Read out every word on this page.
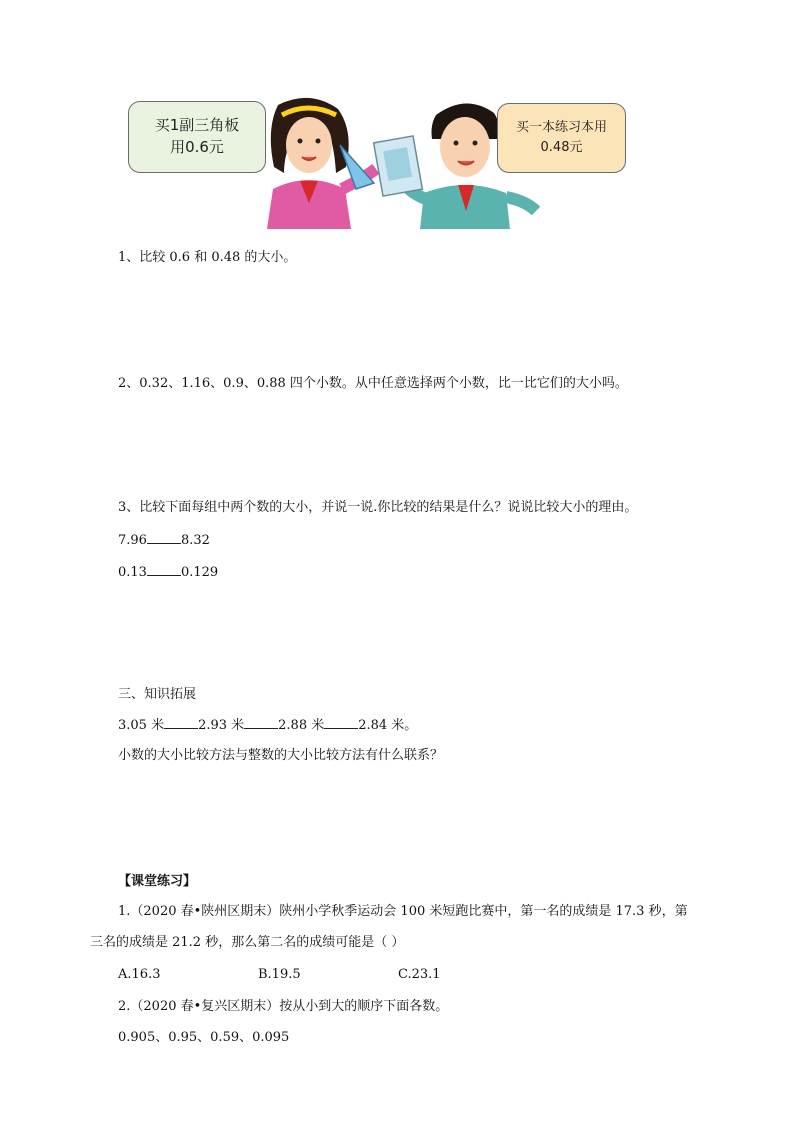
买1副三角板
用0.6元
买一本练习本用
0.48元
1、比较 0.6 和 0.48 的大小。
2、0.32、1.16、0.9、0.88 四个小数。从中任意选择两个小数，比一比它们的大小吗。
3、比较下面每组中两个数的大小，并说一说.你比较的结果是什么？说说比较大小的理由。
7.96	8.32
0.13	0.129
三、知识拓展
3.05 米	2.93 米	2.88 米	2.84 米。
小数的大小比较方法与整数的大小比较方法有什么联系？
【课堂练习】
1.（2020 春•陕州区期末）陕州小学秋季运动会 100 米短跑比赛中，第一名的成绩是 17.3 秒，第
三名的成绩是 21.2 秒，那么第二名的成绩可能是（ ）
A.16.3	B.19.5	C.23.1
2.（2020 春•复兴区期末）按从小到大的顺序下面各数。
0.905、0.95、0.59、0.095
